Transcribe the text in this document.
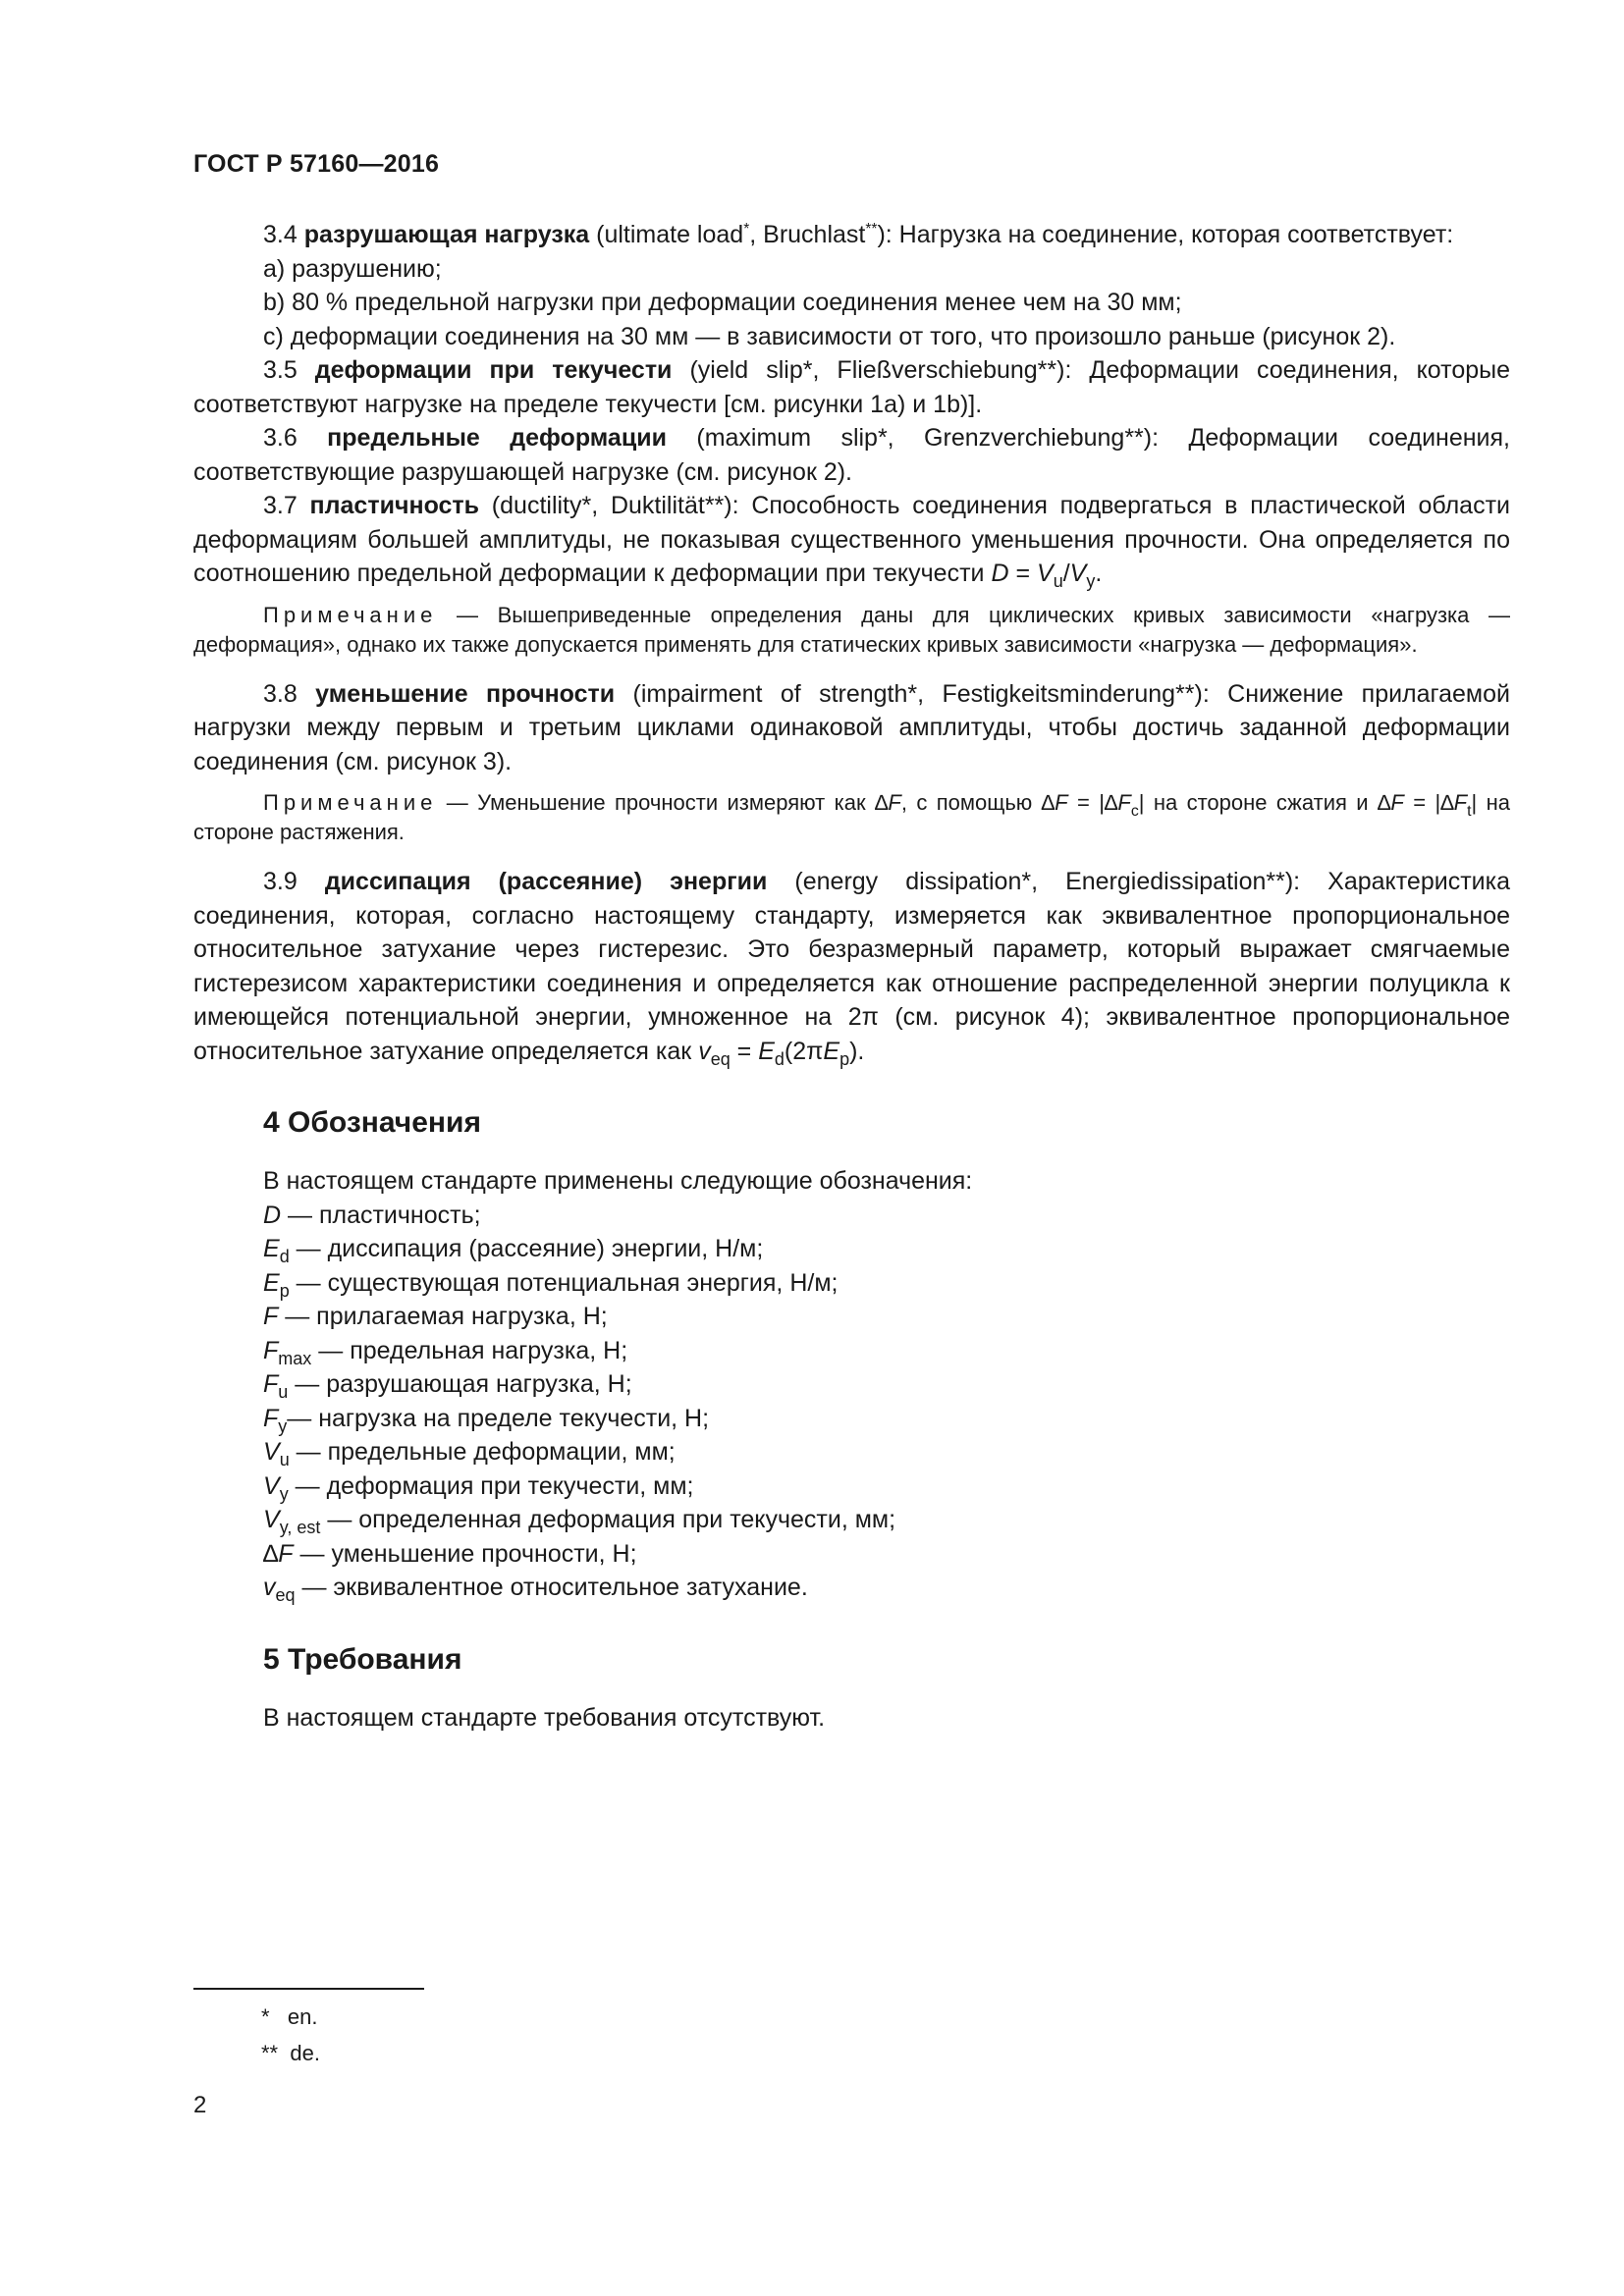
ГОСТ Р 57160—2016

3.4 разрушающая нагрузка (ultimate load*, Bruchlast**): Нагрузка на соединение, которая соответствует:

a) разрушению;

b) 80 % предельной нагрузки при деформации соединения менее чем на 30 мм;

c) деформации соединения на 30 мм — в зависимости от того, что произошло раньше (рисунок 2).

3.5 деформации при текучести (yield slip*, Fließverschiebung**): Деформации соединения, которые соответствуют нагрузке на пределе текучести [см. рисунки 1a) и 1b)].

3.6 предельные деформации (maximum slip*, Grenzverchiebung**): Деформации соединения, соответствующие разрушающей нагрузке (см. рисунок 2).

3.7 пластичность (ductility*, Duktilität**): Способность соединения подвергаться в пластической области деформациям большей амплитуды, не показывая существенного уменьшения прочности. Она определяется по соотношению предельной деформации к деформации при текучести $D = V_u/V_y$.

Примечание — Вышеприведенные определения даны для циклических кривых зависимости «нагрузка — деформация», однако их также допускается применять для статических кривых зависимости «нагрузка — деформация».

3.8 уменьшение прочности (impairment of strength*, Festigkeitsminderung**): Снижение прилагаемой нагрузки между первым и третьим циклами одинаковой амплитуды, чтобы достичь заданной деформации соединения (см. рисунок 3).

Примечание — Уменьшение прочности измеряют как ∆F, с помощью $\Delta F = |\Delta F_c|$ на стороне сжатия и $\Delta F = |\Delta F_t|$ на стороне растяжения.

3.9 диссипация (рассеяние) энергии (energy dissipation*, Energiedissipation**): Характеристика соединения, которая, согласно настоящему стандарту, измеряется как эквивалентное пропорциональное относительное затухание через гистерезис. Это безразмерный параметр, который выражает смягчаемые гистерезисом характеристики соединения и определяется как отношение распределенной энергии полуцикла к имеющейся потенциальной энергии, умноженное на 2π (см. рисунок 4); эквивалентное пропорциональное относительное затухание определяется как $v_{eq} = E_d(2\pi E_p)$.

4 Обозначения

В настоящем стандарте применены следующие обозначения:

D — пластичность;

$E_d$ — диссипация (рассеяние) энергии, Н/м;

$E_p$ — существующая потенциальная энергия, Н/м;

F — прилагаемая нагрузка, Н;

$F_{max}$ — предельная нагрузка, Н;

$F_u$ — разрушающая нагрузка, Н;

$F_y—$ нагрузка на пределе текучести, Н;

$V_u$ — предельные деформации, мм;

$V_y$ — деформация при текучести, мм;

$V_{y, est}$ — определенная деформация при текучести, мм;

∆F — уменьшение прочности, Н;

$v_{eq}$ — эквивалентное относительное затухание.

5 Требования

В настоящем стандарте требования отсутствуют.

*   en.
**  de.
2
